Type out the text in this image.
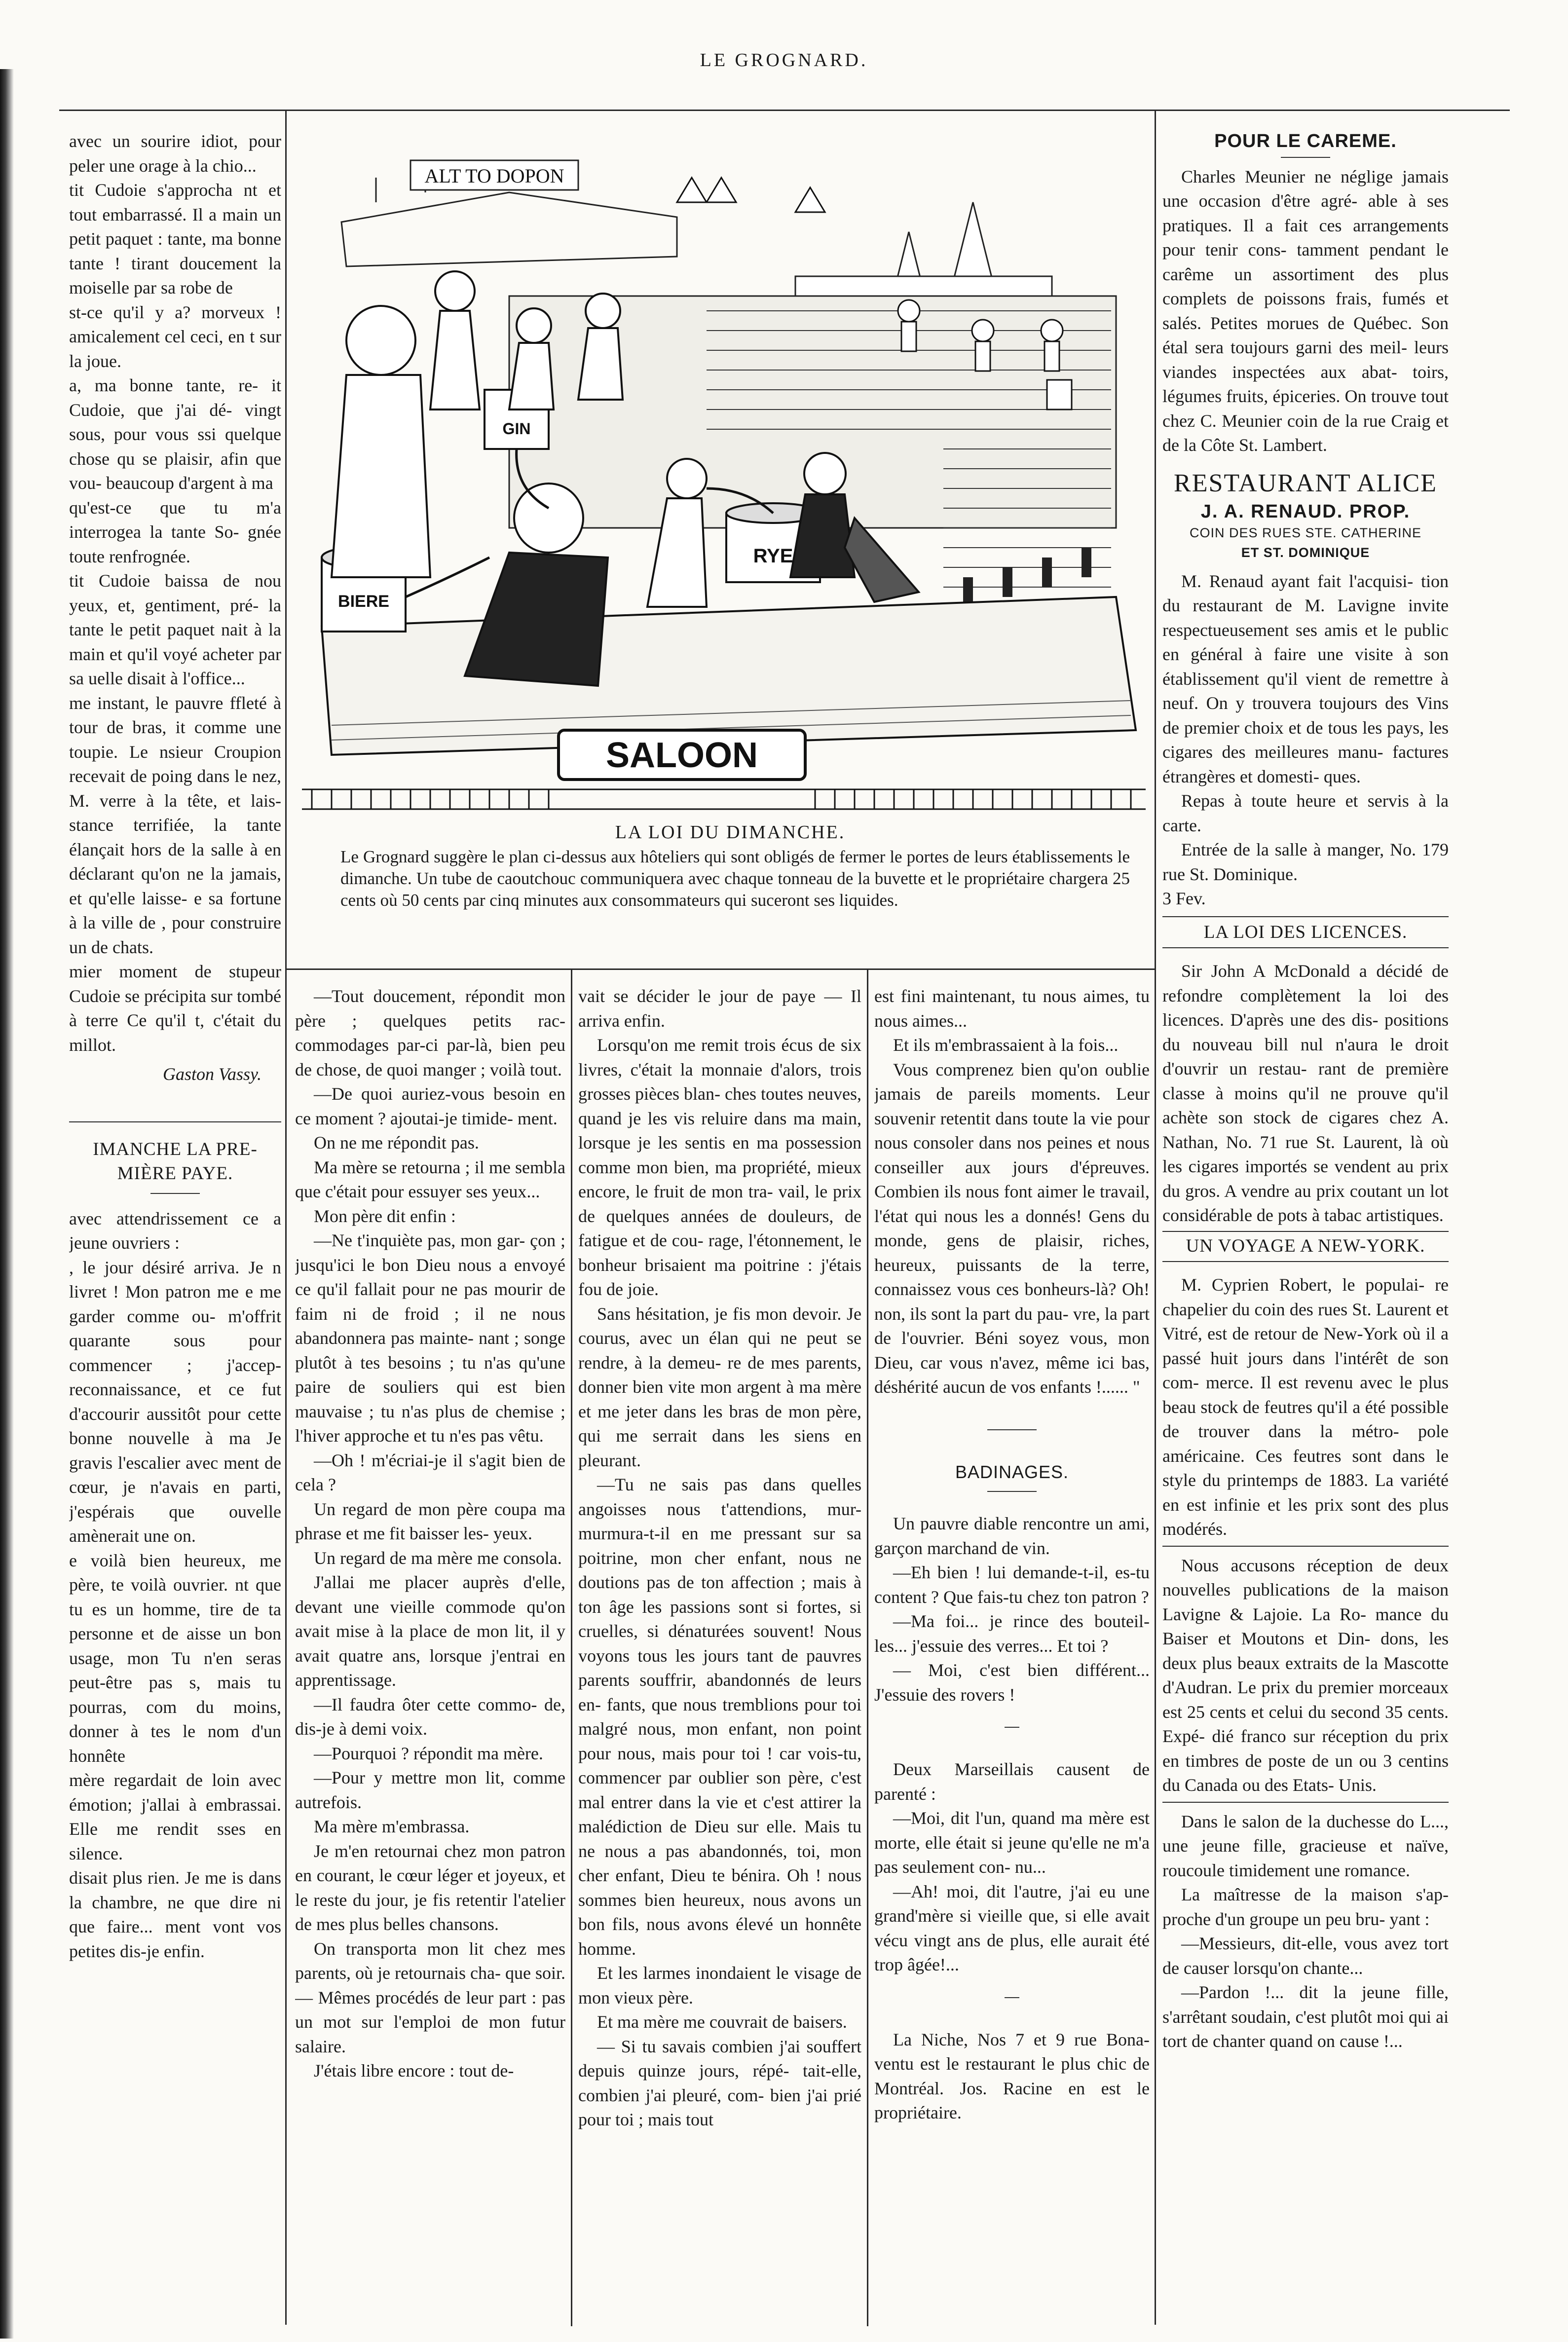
LE GROGNARD.
ALT TO DOPON
SALOON
BIERE
GIN
RYE
LA LOI DU DIMANCHE.
Le Grognard suggère le plan ci-dessus aux hôteliers qui sont obligés de fermer le portes de leurs établissements le dimanche. Un tube de caoutchouc communiquera avec chaque tonneau de la buvette et le propriétaire chargera 25 cents où 50 cents par cinq minutes aux consommateurs qui suceront ses liquides.

avec un sourire idiot, pour peler une orage à la chio...

tit Cudoie s'approcha nt et tout embarrassé. Il a main un petit paquet : tante, ma bonne tante ! tirant doucement la moiselle par sa robe de

st-ce qu'il y a? morveux ! amicalement cel ceci, en t sur la joue.

a, ma bonne tante, re- it Cudoie, que j'ai dé- vingt sous, pour vous ssi quelque chose qu se plaisir, afin que vou- beaucoup d'argent à ma

qu'est-ce que tu m'a interrogea la tante So- gnée toute renfrognée.

tit Cudoie baissa de nou yeux, et, gentiment, pré- la tante le petit paquet nait à la main et qu'il voyé acheter par sa uelle disait à l'office...

me instant, le pauvre ffleté à tour de bras, it comme une toupie. Le nsieur Croupion recevait de poing dans le nez, M. verre à la tête, et lais- stance terrifiée, la tante élançait hors de la salle à en déclarant qu'on ne la jamais, et qu'elle laisse- e sa fortune à la ville de , pour construire un de chats.

mier moment de stupeur Cudoie se précipita sur tombé à terre Ce qu'il t, c'était du millot.

Gaston Vassy.
IMANCHE LA PRE- MIÈRE PAYE.

avec attendrissement ce a jeune ouvriers :

, le jour désiré arriva. Je n livret ! Mon patron me e me garder comme ou- m'offrit quarante sous pour commencer ; j'accep- reconnaissance, et ce fut d'accourir aussitôt pour cette bonne nouvelle à ma Je gravis l'escalier avec ment de cœur, je n'avais en parti, j'espérais que ouvelle amènerait une on.

e voilà bien heureux, me père, te voilà ouvrier. nt que tu es un homme, tire de ta personne et de aisse un bon usage, mon Tu n'en seras peut-être pas s, mais tu pourras, com du moins, donner à tes le nom d'un honnête

mère regardait de loin avec émotion; j'allai à embrassai. Elle me rendit sses en silence.

disait plus rien. Je me is dans la chambre, ne que dire ni que faire... ment vont vos petites dis-je enfin.

—Tout doucement, répondit mon père ; quelques petits rac- commodages par-ci par-là, bien peu de chose, de quoi manger ; voilà tout.

—De quoi auriez-vous besoin en ce moment ? ajoutai-je timide- ment.

On ne me répondit pas.

Ma mère se retourna ; il me sembla que c'était pour essuyer ses yeux...

Mon père dit enfin :

—Ne t'inquiète pas, mon gar- çon ; jusqu'ici le bon Dieu nous a envoyé ce qu'il fallait pour ne pas mourir de faim ni de froid ; il ne nous abandonnera pas mainte- nant ; songe plutôt à tes besoins ; tu n'as qu'une paire de souliers qui est bien mauvaise ; tu n'as plus de chemise ; l'hiver approche et tu n'es pas vêtu.

—Oh ! m'écriai-je il s'agit bien de cela ?

Un regard de mon père coupa ma phrase et me fit baisser les- yeux.

Un regard de ma mère me consola.

J'allai me placer auprès d'elle, devant une vieille commode qu'on avait mise à la place de mon lit, il y avait quatre ans, lorsque j'entrai en apprentissage.

—Il faudra ôter cette commo- de, dis-je à demi voix.

—Pourquoi ? répondit ma mère.

—Pour y mettre mon lit, comme autrefois.

Ma mère m'embrassa.

Je m'en retournai chez mon patron en courant, le cœur léger et joyeux, et le reste du jour, je fis retentir l'atelier de mes plus belles chansons.

On transporta mon lit chez mes parents, où je retournais cha- que soir. — Mêmes procédés de leur part : pas un mot sur l'emploi de mon futur salaire.

J'étais libre encore : tout de-

vait se décider le jour de paye — Il arriva enfin.

Lorsqu'on me remit trois écus de six livres, c'était la monnaie d'alors, trois grosses pièces blan- ches toutes neuves, quand je les vis reluire dans ma main, lorsque je les sentis en ma possession comme mon bien, ma propriété, mieux encore, le fruit de mon tra- vail, le prix de quelques années de douleurs, de fatigue et de cou- rage, l'étonnement, le bonheur brisaient ma poitrine : j'étais fou de joie.

Sans hésitation, je fis mon devoir. Je courus, avec un élan qui ne peut se rendre, à la demeu- re de mes parents, donner bien vite mon argent à ma mère et me jeter dans les bras de mon père, qui me serrait dans les siens en pleurant.

—Tu ne sais pas dans quelles angoisses nous t'attendions, mur- murmura-t-il en me pressant sur sa poitrine, mon cher enfant, nous ne doutions pas de ton affection ; mais à ton âge les passions sont si fortes, si cruelles, si dénaturées souvent! Nous voyons tous les jours tant de pauvres parents souffrir, abandonnés de leurs en- fants, que nous tremblions pour toi malgré nous, mon enfant, non point pour nous, mais pour toi ! car vois-tu, commencer par oublier son père, c'est mal entrer dans la vie et c'est attirer la malédiction de Dieu sur elle. Mais tu ne nous a pas abandonnés, toi, mon cher enfant, Dieu te bénira. Oh ! nous sommes bien heureux, nous avons un bon fils, nous avons élevé un honnête homme.

Et les larmes inondaient le visage de mon vieux père.

Et ma mère me couvrait de baisers.

— Si tu savais combien j'ai souffert depuis quinze jours, répé- tait-elle, combien j'ai pleuré, com- bien j'ai prié pour toi ; mais tout

est fini maintenant, tu nous aimes, tu nous aimes...

Et ils m'embrassaient à la fois...

Vous comprenez bien qu'on oublie jamais de pareils moments. Leur souvenir retentit dans toute la vie pour nous consoler dans nos peines et nous conseiller aux jours d'épreuves. Combien ils nous font aimer le travail, l'état qui nous les a donnés! Gens du monde, gens de plaisir, riches, heureux, puissants de la terre, connaissez vous ces bonheurs-là? Oh! non, ils sont la part du pau- vre, la part de l'ouvrier. Béni soyez vous, mon Dieu, car vous n'avez, même ici bas, déshérité aucun de vos enfants !...... "

BADINAGES.

Un pauvre diable rencontre un ami, garçon marchand de vin.

—Eh bien ! lui demande-t-il, es-tu content ? Que fais-tu chez ton patron ?

—Ma foi... je rince des bouteil- les... j'essuie des verres... Et toi ?

— Moi, c'est bien différent... J'essuie des rovers !

Deux Marseillais causent de parenté :

—Moi, dit l'un, quand ma mère est morte, elle était si jeune qu'elle ne m'a pas seulement con- nu...

—Ah! moi, dit l'autre, j'ai eu une grand'mère si vieille que, si elle avait vécu vingt ans de plus, elle aurait été trop âgée!...

La Niche, Nos 7 et 9 rue Bona- ventu est le restaurant le plus chic de Montréal. Jos. Racine en est le propriétaire.

POUR LE CAREME.

Charles Meunier ne néglige jamais une occasion d'être agré- able à ses pratiques. Il a fait ces arrangements pour tenir cons- tamment pendant le carême un assortiment des plus complets de poissons frais, fumés et salés. Petites morues de Québec. Son étal sera toujours garni des meil- leurs viandes inspectées aux abat- toirs, légumes fruits, épiceries. On trouve tout chez C. Meunier coin de la rue Craig et de la Côte St. Lambert.

RESTAURANT ALICE
J. A. RENAUD. PROP.
COIN DES RUES STE. CATHERINE
ET ST. DOMINIQUE

M. Renaud ayant fait l'acquisi- tion du restaurant de M. Lavigne invite respectueusement ses amis et le public en général à faire une visite à son établissement qu'il vient de remettre à neuf. On y trouvera toujours des Vins de premier choix et de tous les pays, les cigares des meilleures manu- factures étrangères et domesti- ques.

Repas à toute heure et servis à la carte.

Entrée de la salle à manger, No. 179 rue St. Dominique.

3 Fev.

LA LOI DES LICENCES.

Sir John A McDonald a décidé de refondre complètement la loi des licences. D'après une des dis- positions du nouveau bill nul n'aura le droit d'ouvrir un restau- rant de première classe à moins qu'il ne prouve qu'il achète son stock de cigares chez A. Nathan, No. 71 rue St. Laurent, là où les cigares importés se vendent au prix du gros. A vendre au prix coutant un lot considérable de pots à tabac artistiques.

UN VOYAGE A NEW-YORK.

M. Cyprien Robert, le populai- re chapelier du coin des rues St. Laurent et Vitré, est de retour de New-York où il a passé huit jours dans l'intérêt de son com- merce. Il est revenu avec le plus beau stock de feutres qu'il a été possible de trouver dans la métro- pole américaine. Ces feutres sont dans le style du printemps de 1883. La variété en est infinie et les prix sont des plus modérés.

Nous accusons réception de deux nouvelles publications de la maison Lavigne & Lajoie. La Ro- mance du Baiser et Moutons et Din- dons, les deux plus beaux extraits de la Mascotte d'Audran. Le prix du premier morceaux est 25 cents et celui du second 35 cents. Expé- dié franco sur réception du prix en timbres de poste de un ou 3 centins du Canada ou des Etats- Unis.

Dans le salon de la duchesse do L..., une jeune fille, gracieuse et naïve, roucoule timidement une romance.

La maîtresse de la maison s'ap- proche d'un groupe un peu bru- yant :

—Messieurs, dit-elle, vous avez tort de causer lorsqu'on chante...

—Pardon !... dit la jeune fille, s'arrêtant soudain, c'est plutôt moi qui ai tort de chanter quand on cause !...
